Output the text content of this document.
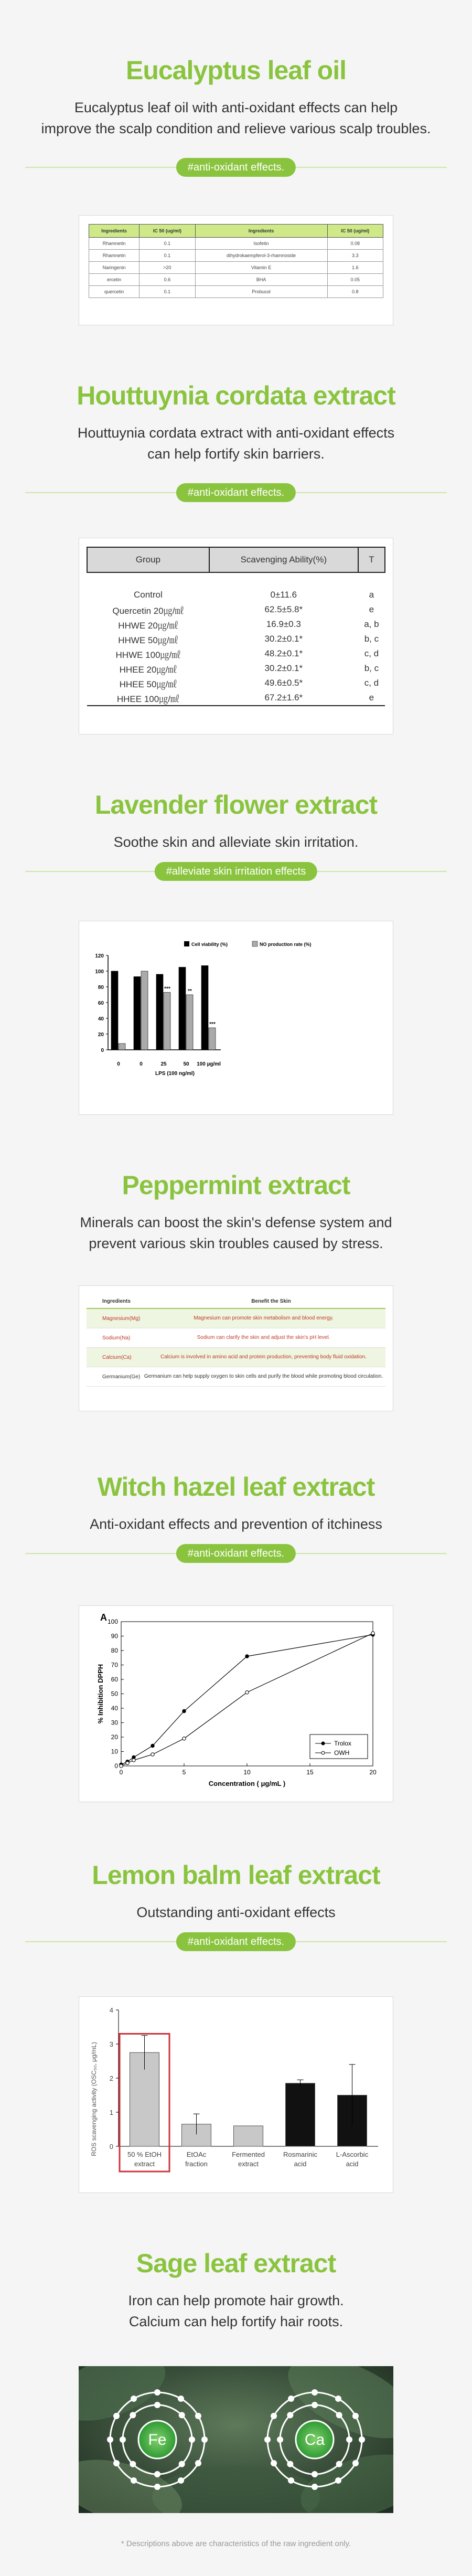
Eucalyptus leaf oil

Eucalyptus leaf oil with anti-oxidant effects can help

improve the scalp condition and relieve various scalp troubles.

#anti-oxidant effects.
Ingredients	IC 50 (ug/ml)	Ingredients	IC 50 (ug/ml)
Rhamnetin	0.1	Isofetin	0.08
Rhamnetin	0.1	dihydrokaempferol-3-rhamnoside	3.3
Naringenin	>20	Vitamin E	1.6
ercetin	0.6	BHA	0.05
quercetin	0.1	Probucol	0.8
Houttuynia cordata extract

Houttuynia cordata extract with anti-oxidant effects

can help fortify skin barriers.

#anti-oxidant effects.
Group	Scavenging Ability(%)	T

Control	0±11.6	a
Quercetin 20㎍/㎖	62.5±5.8*	e
HHWE 20㎍/㎖	16.9±0.3	a, b
HHWE 50㎍/㎖	30.2±0.1*	b, c
HHWE 100㎍/㎖	48.2±0.1*	c, d
HHEE 20㎍/㎖	30.2±0.1*	b, c
HHEE 50㎍/㎖	49.6±0.5*	c, d
HHEE 100㎍/㎖	67.2±1.6*	e
Lavender flower extract

Soothe skin and alleviate skin irritation.

#alleviate skin irritation effects
0
20
40
60
80
100
120
0	0	25	50 100 µg/ml
***	**
***
LPS (100 ng/ml)
Cell viability (%)	NO production rate (%)
Peppermint extract

Minerals can boost the skin's defense system and

prevent various skin troubles caused by stress.

Ingredients	Benefit the Skin
Magnesium(Mg)	Magnesium can promote skin metabolism and blood energy.
Sodium(Na)	Sodium can clarify the skin and adjust the skin's pH level.
Calcium(Ca)	Calcium is involved in amino acid and protein production, preventing body fluid oxidation.
Germanium(Ge)	Germanium can help supply oxygen to skin cells and purify the blood while promoting blood circulation.
Witch hazel leaf extract

Anti-oxidant effects and prevention of itchiness

#anti-oxidant effects.
A
0
10
20
30
40
50
60
70
80
90
100
0	5	10	15	20
Concentration ( μg/mL )
% Inhibition DPPH
Trolox
OWH
Lemon balm leaf extract

Outstanding anti-oxidant effects

#anti-oxidant effects.
0
1
2
3
4
ROS scavenging activity (OSC₅₀, μg/mL)	50 % EtOH
extract
EtOAc
fraction
Fermented
extract
Rosmarinic
acid
L-Ascorbic
acid
Sage leaf extract

Iron can help promote hair growth.

Calcium can help fortify hair roots.

Fe	Ca
* Descriptions above are characteristics of the raw ingredient only.
